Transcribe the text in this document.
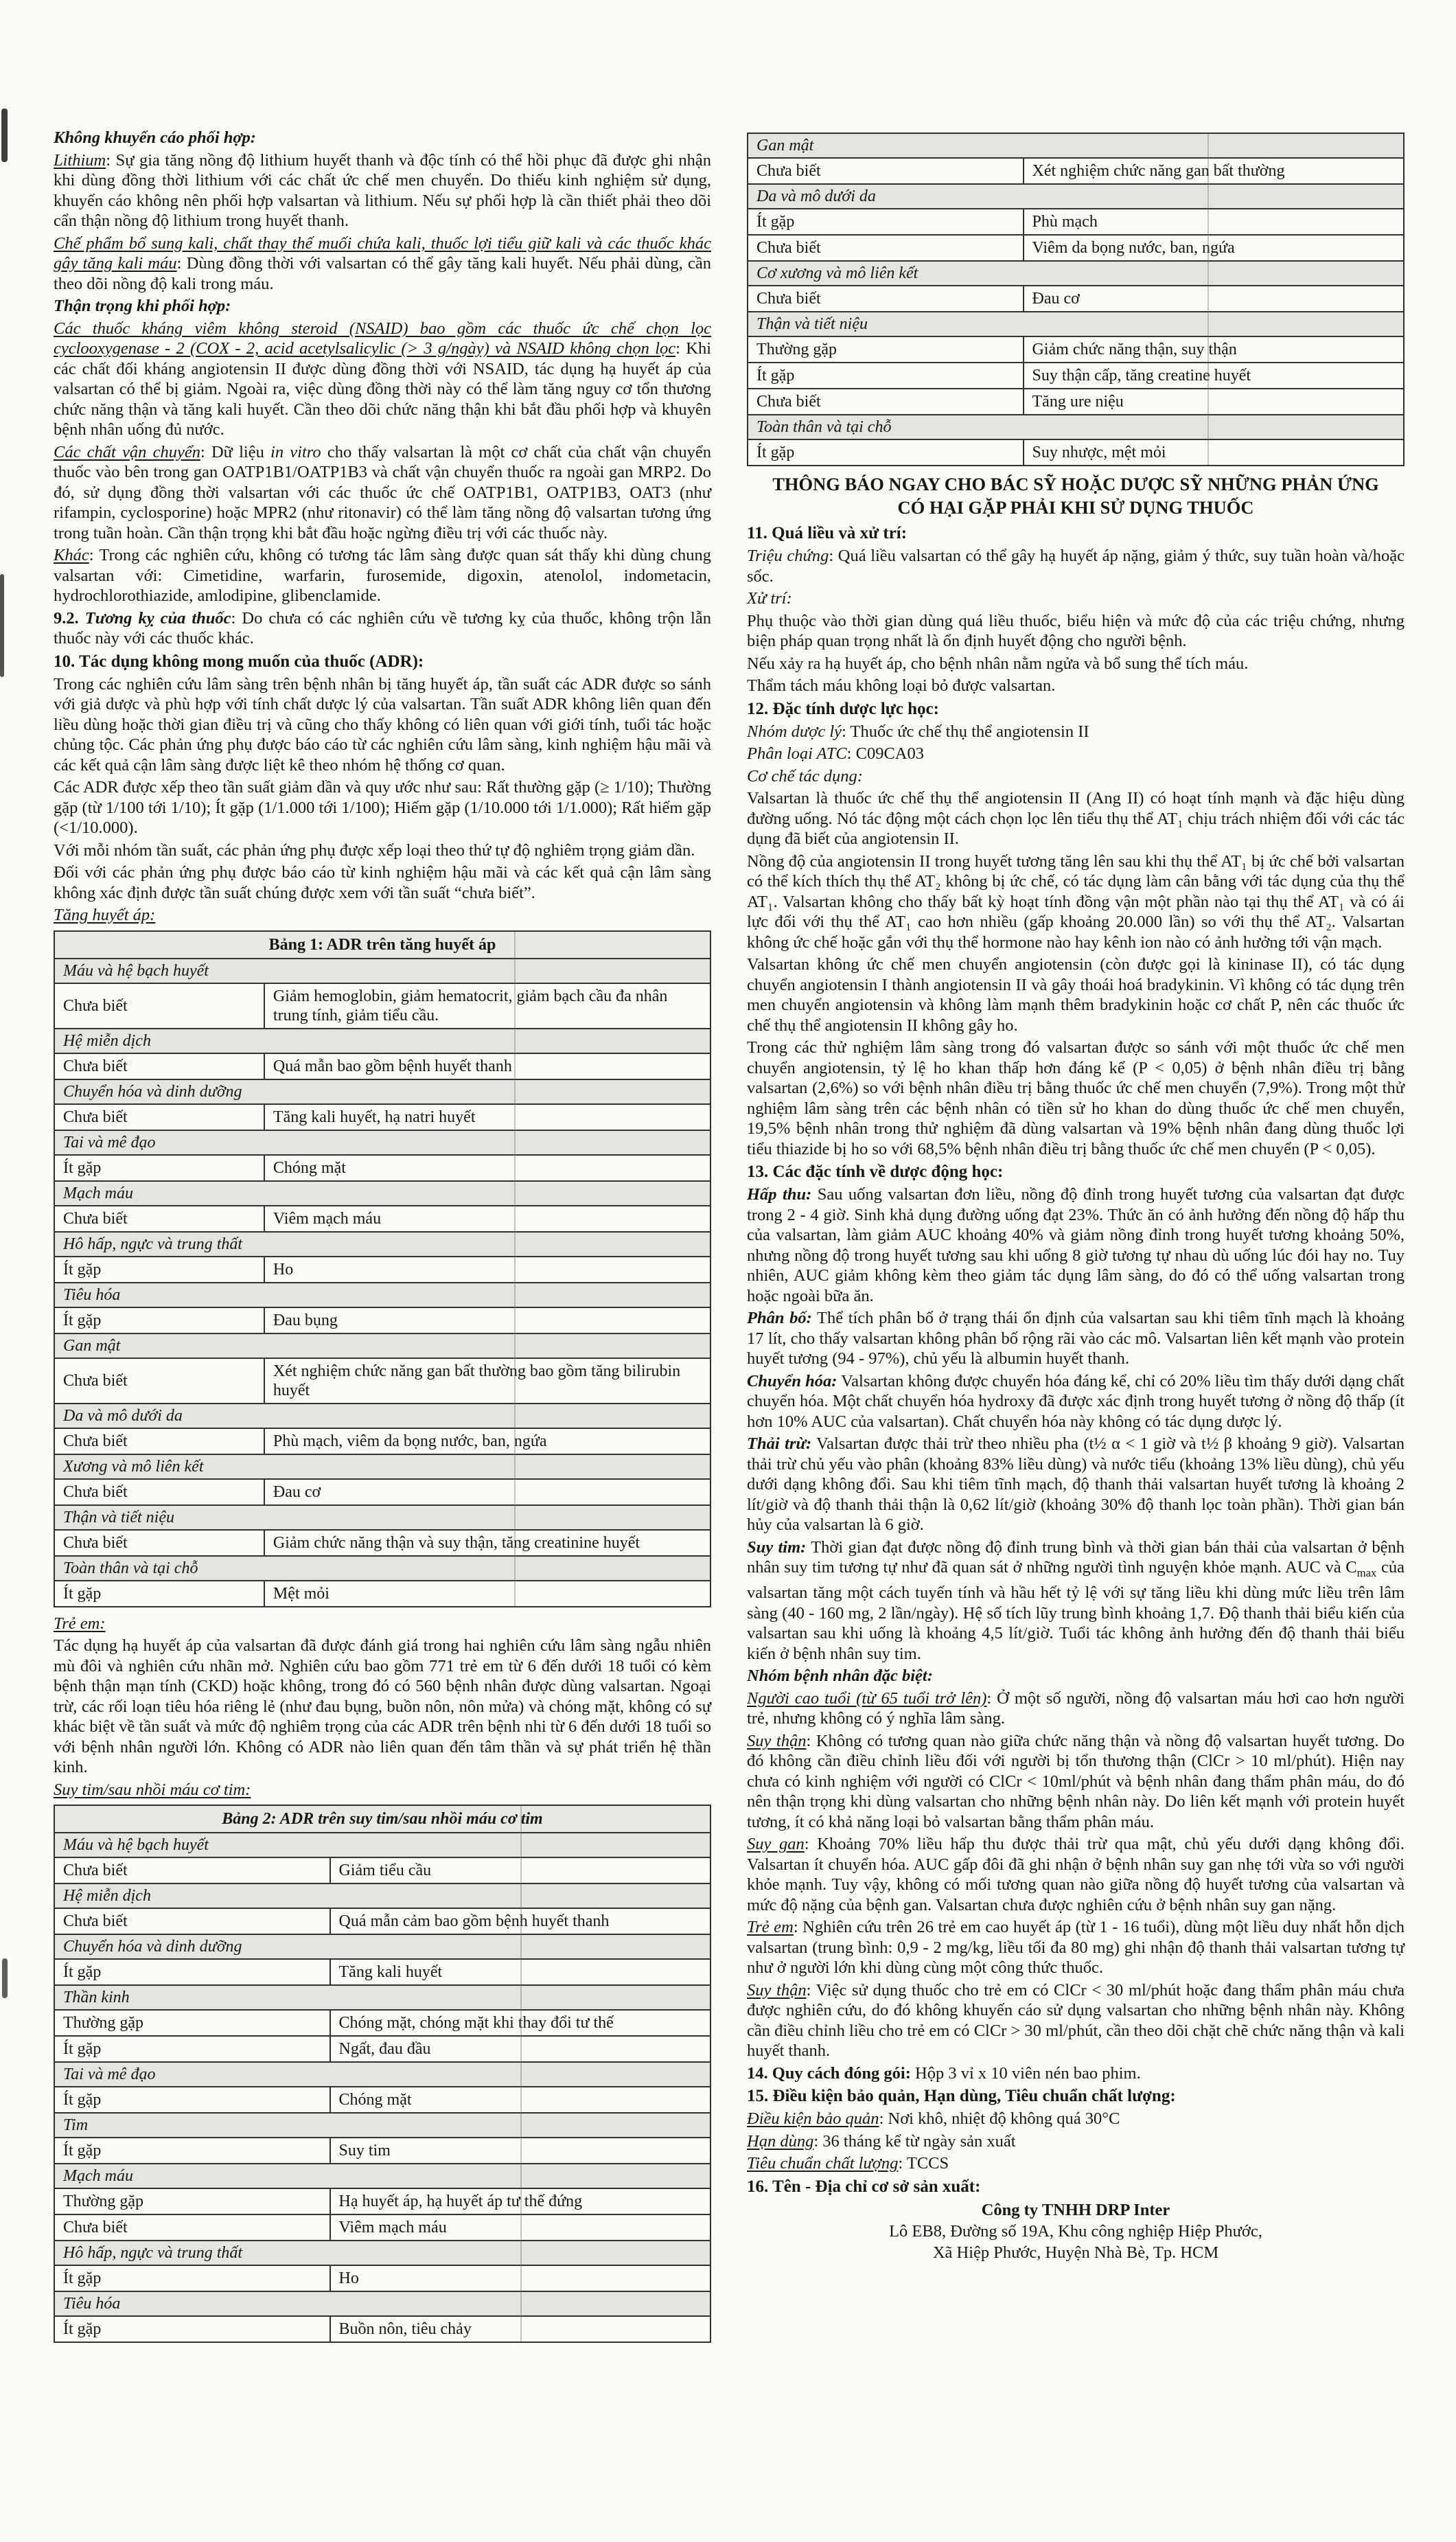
Không khuyến cáo phối hợp:
Lithium: Sự gia tăng nồng độ lithium huyết thanh và độc tính có thể hồi phục đã được ghi nhận khi dùng đồng thời lithium với các chất ức chế men chuyển. Do thiếu kinh nghiệm sử dụng, khuyến cáo không nên phối hợp valsartan và lithium. Nếu sự phối hợp là cần thiết phải theo dõi cẩn thận nồng độ lithium trong huyết thanh.
Chế phẩm bổ sung kali, chất thay thế muối chứa kali, thuốc lợi tiểu giữ kali và các thuốc khác gây tăng kali máu: Dùng đồng thời với valsartan có thể gây tăng kali huyết. Nếu phải dùng, cần theo dõi nồng độ kali trong máu.
Thận trọng khi phối hợp:
Các thuốc kháng viêm không steroid (NSAID) bao gồm các thuốc ức chế chọn lọc cyclooxygenase - 2 (COX - 2, acid acetylsalicylic (> 3 g/ngày) và NSAID không chọn lọc: Khi các chất đối kháng angiotensin II được dùng đồng thời với NSAID, tác dụng hạ huyết áp của valsartan có thể bị giảm. Ngoài ra, việc dùng đồng thời này có thể làm tăng nguy cơ tổn thương chức năng thận và tăng kali huyết. Cần theo dõi chức năng thận khi bắt đầu phối hợp và khuyên bệnh nhân uống đủ nước.
Các chất vận chuyển: Dữ liệu in vitro cho thấy valsartan là một cơ chất của chất vận chuyển thuốc vào bên trong gan OATP1B1/OATP1B3 và chất vận chuyển thuốc ra ngoài gan MRP2. Do đó, sử dụng đồng thời valsartan với các thuốc ức chế OATP1B1, OATP1B3, OAT3 (như rifampin, cyclosporine) hoặc MPR2 (như ritonavir) có thể làm tăng nồng độ valsartan tương ứng trong tuần hoàn. Cần thận trọng khi bắt đầu hoặc ngừng điều trị với các thuốc này.
Khác: Trong các nghiên cứu, không có tương tác lâm sàng được quan sát thấy khi dùng chung valsartan với: Cimetidine, warfarin, furosemide, digoxin, atenolol, indometacin, hydrochlorothiazide, amlodipine, glibenclamide.
9.2. Tương kỵ của thuốc: Do chưa có các nghiên cứu về tương kỵ của thuốc, không trộn lẫn thuốc này với các thuốc khác.
10. Tác dụng không mong muốn của thuốc (ADR):
Trong các nghiên cứu lâm sàng trên bệnh nhân bị tăng huyết áp, tần suất các ADR được so sánh với giả dược và phù hợp với tính chất dược lý của valsartan. Tần suất ADR không liên quan đến liều dùng hoặc thời gian điều trị và cũng cho thấy không có liên quan với giới tính, tuổi tác hoặc chủng tộc. Các phản ứng phụ được báo cáo từ các nghiên cứu lâm sàng, kinh nghiệm hậu mãi và các kết quả cận lâm sàng được liệt kê theo nhóm hệ thống cơ quan.
Các ADR được xếp theo tần suất giảm dần và quy ước như sau: Rất thường gặp (≥ 1/10); Thường gặp (từ 1/100 tới 1/10); Ít gặp (1/1.000 tới 1/100); Hiếm gặp (1/10.000 tới 1/1.000); Rất hiếm gặp (<1/10.000).
Với mỗi nhóm tần suất, các phản ứng phụ được xếp loại theo thứ tự độ nghiêm trọng giảm dần.
Đối với các phản ứng phụ được báo cáo từ kinh nghiệm hậu mãi và các kết quả cận lâm sàng không xác định được tần suất chúng được xem với tần suất “chưa biết”.
Tăng huyết áp:
Bảng 1: ADR trên tăng huyết áp	
Máu và hệ bạch huyết	
Chưa biết	Giảm hemoglobin, giảm hematocrit, giảm bạch cầu đa nhân trung tính, giảm tiểu cầu.
Hệ miễn dịch	
Chưa biết	Quá mẫn bao gồm bệnh huyết thanh
Chuyển hóa và dinh dưỡng	
Chưa biết	Tăng kali huyết, hạ natri huyết
Tai và mê đạo	
Ít gặp	Chóng mặt
Mạch máu	
Chưa biết	Viêm mạch máu
Hô hấp, ngực và trung thất	
Ít gặp	Ho
Tiêu hóa	
Ít gặp	Đau bụng
Gan mật	
Chưa biết	Xét nghiệm chức năng gan bất thường bao gồm tăng bilirubin huyết
Da và mô dưới da	
Chưa biết	Phù mạch, viêm da bọng nước, ban, ngứa
Xương và mô liên kết	
Chưa biết	Đau cơ
Thận và tiết niệu	
Chưa biết	Giảm chức năng thận và suy thận, tăng creatinine huyết
Toàn thân và tại chỗ	
Ít gặp	Mệt mỏi
Trẻ em:
Tác dụng hạ huyết áp của valsartan đã được đánh giá trong hai nghiên cứu lâm sàng ngẫu nhiên mù đôi và nghiên cứu nhãn mở. Nghiên cứu bao gồm 771 trẻ em từ 6 đến dưới 18 tuổi có kèm bệnh thận mạn tính (CKD) hoặc không, trong đó có 560 bệnh nhân được dùng valsartan. Ngoại trừ, các rối loạn tiêu hóa riêng lẻ (như đau bụng, buồn nôn, nôn mửa) và chóng mặt, không có sự khác biệt về tần suất và mức độ nghiêm trọng của các ADR trên bệnh nhi từ 6 đến dưới 18 tuổi so với bệnh nhân người lớn. Không có ADR nào liên quan đến tâm thần và sự phát triển hệ thần kinh.
Suy tim/sau nhồi máu cơ tim:
Bảng 2: ADR trên suy tim/sau nhồi máu cơ tim	
Máu và hệ bạch huyết	
Chưa biết	Giảm tiểu cầu
Hệ miễn dịch	
Chưa biết	Quá mẫn cảm bao gồm bệnh huyết thanh
Chuyển hóa và dinh dưỡng	
Ít gặp	Tăng kali huyết
Thần kinh	
Thường gặp	Chóng mặt, chóng mặt khi thay đổi tư thế
Ít gặp	Ngất, đau đầu
Tai và mê đạo	
Ít gặp	Chóng mặt
Tim	
Ít gặp	Suy tim
Mạch máu	
Thường gặp	Hạ huyết áp, hạ huyết áp tư thế đứng
Chưa biết	Viêm mạch máu
Hô hấp, ngực và trung thất	
Ít gặp	Ho
Tiêu hóa	
Ít gặp	Buồn nôn, tiêu chảy
Gan mật	
Chưa biết	Xét nghiệm chức năng gan bất thường
Da và mô dưới da	
Ít gặp	Phù mạch
Chưa biết	Viêm da bọng nước, ban, ngứa
Cơ xương và mô liên kết	
Chưa biết	Đau cơ
Thận và tiết niệu	
Thường gặp	Giảm chức năng thận, suy thận
Ít gặp	Suy thận cấp, tăng creatine huyết
Chưa biết	Tăng ure niệu
Toàn thân và tại chỗ	
Ít gặp	Suy nhược, mệt mỏi
THÔNG BÁO NGAY CHO BÁC SỸ HOẶC DƯỢC SỸ NHỮNG PHẢN ỨNG
CÓ HẠI GẶP PHẢI KHI SỬ DỤNG THUỐC
11. Quá liều và xử trí:
Triệu chứng: Quá liều valsartan có thể gây hạ huyết áp nặng, giảm ý thức, suy tuần hoàn và/hoặc sốc.
Xử trí:
Phụ thuộc vào thời gian dùng quá liều thuốc, biểu hiện và mức độ của các triệu chứng, nhưng biện pháp quan trọng nhất là ổn định huyết động cho người bệnh.
Nếu xảy ra hạ huyết áp, cho bệnh nhân nằm ngửa và bổ sung thể tích máu.
Thẩm tách máu không loại bỏ được valsartan.
12. Đặc tính dược lực học:
Nhóm dược lý: Thuốc ức chế thụ thể angiotensin II
Phân loại ATC: C09CA03
Cơ chế tác dụng:
Valsartan là thuốc ức chế thụ thể angiotensin II (Ang II) có hoạt tính mạnh và đặc hiệu dùng đường uống. Nó tác động một cách chọn lọc lên tiểu thụ thể AT₁ chịu trách nhiệm đối với các tác dụng đã biết của angiotensin II.
Nồng độ của angiotensin II trong huyết tương tăng lên sau khi thụ thể AT₁ bị ức chế bởi valsartan có thể kích thích thụ thể AT₂ không bị ức chế, có tác dụng làm cân bằng với tác dụng của thụ thể AT₁. Valsartan không cho thấy bất kỳ hoạt tính đồng vận một phần nào tại thụ thể AT₁ và có ái lực đối với thụ thể AT₁ cao hơn nhiều (gấp khoảng 20.000 lần) so với thụ thể AT₂. Valsartan không ức chế hoặc gắn với thụ thể hormone nào hay kênh ion nào có ảnh hưởng tới vận mạch.
Valsartan không ức chế men chuyển angiotensin (còn được gọi là kininase II), có tác dụng chuyển angiotensin I thành angiotensin II và gây thoái hoá bradykinin. Vì không có tác dụng trên men chuyển angiotensin và không làm mạnh thêm bradykinin hoặc cơ chất P, nên các thuốc ức chế thụ thể angiotensin II không gây ho.
Trong các thử nghiệm lâm sàng trong đó valsartan được so sánh với một thuốc ức chế men chuyển angiotensin, tỷ lệ ho khan thấp hơn đáng kể (P < 0,05) ở bệnh nhân điều trị bằng valsartan (2,6%) so với bệnh nhân điều trị bằng thuốc ức chế men chuyển (7,9%). Trong một thử nghiệm lâm sàng trên các bệnh nhân có tiền sử ho khan do dùng thuốc ức chế men chuyển, 19,5% bệnh nhân trong thử nghiệm đã dùng valsartan và 19% bệnh nhân đang dùng thuốc lợi tiểu thiazide bị ho so với 68,5% bệnh nhân điều trị bằng thuốc ức chế men chuyển (P < 0,05).
13. Các đặc tính về dược động học:
Hấp thu: Sau uống valsartan đơn liều, nồng độ đỉnh trong huyết tương của valsartan đạt được trong 2 - 4 giờ. Sinh khả dụng đường uống đạt 23%. Thức ăn có ảnh hưởng đến nồng độ hấp thu của valsartan, làm giảm AUC khoảng 40% và giảm nồng đỉnh trong huyết tương khoảng 50%, nhưng nồng độ trong huyết tương sau khi uống 8 giờ tương tự nhau dù uống lúc đói hay no. Tuy nhiên, AUC giảm không kèm theo giảm tác dụng lâm sàng, do đó có thể uống valsartan trong hoặc ngoài bữa ăn.
Phân bố: Thể tích phân bố ở trạng thái ổn định của valsartan sau khi tiêm tĩnh mạch là khoảng 17 lít, cho thấy valsartan không phân bố rộng rãi vào các mô. Valsartan liên kết mạnh vào protein huyết tương (94 - 97%), chủ yếu là albumin huyết thanh.
Chuyển hóa: Valsartan không được chuyển hóa đáng kể, chỉ có 20% liều tìm thấy dưới dạng chất chuyển hóa. Một chất chuyển hóa hydroxy đã được xác định trong huyết tương ở nồng độ thấp (ít hơn 10% AUC của valsartan). Chất chuyển hóa này không có tác dụng dược lý.
Thải trừ: Valsartan được thải trừ theo nhiều pha (t½ α < 1 giờ và t½ β khoảng 9 giờ). Valsartan thải trừ chủ yếu vào phân (khoảng 83% liều dùng) và nước tiểu (khoảng 13% liều dùng), chủ yếu dưới dạng không đổi. Sau khi tiêm tĩnh mạch, độ thanh thải valsartan huyết tương là khoảng 2 lít/giờ và độ thanh thải thận là 0,62 lít/giờ (khoảng 30% độ thanh lọc toàn phần). Thời gian bán hủy của valsartan là 6 giờ.
Suy tim: Thời gian đạt được nồng độ đỉnh trung bình và thời gian bán thải của valsartan ở bệnh nhân suy tim tương tự như đã quan sát ở những người tình nguyện khỏe mạnh. AUC và $C_{max}$ của valsartan tăng một cách tuyến tính và hầu hết tỷ lệ với sự tăng liều khi dùng mức liều trên lâm sàng (40 - 160 mg, 2 lần/ngày). Hệ số tích lũy trung bình khoảng 1,7. Độ thanh thải biểu kiến của valsartan sau khi uống là khoảng 4,5 lít/giờ. Tuổi tác không ảnh hưởng đến độ thanh thải biểu kiến ở bệnh nhân suy tim.
Nhóm bệnh nhân đặc biệt:
Người cao tuổi (từ 65 tuổi trở lên): Ở một số người, nồng độ valsartan máu hơi cao hơn người trẻ, nhưng không có ý nghĩa lâm sàng.
Suy thận: Không có tương quan nào giữa chức năng thận và nồng độ valsartan huyết tương. Do đó không cần điều chỉnh liều đối với người bị tổn thương thận (ClCr > 10 ml/phút). Hiện nay chưa có kinh nghiệm với người có ClCr < 10ml/phút và bệnh nhân đang thẩm phân máu, do đó nên thận trọng khi dùng valsartan cho những bệnh nhân này. Do liên kết mạnh với protein huyết tương, ít có khả năng loại bỏ valsartan bằng thẩm phân máu.
Suy gan: Khoảng 70% liều hấp thu được thải trừ qua mật, chủ yếu dưới dạng không đổi. Valsartan ít chuyển hóa. AUC gấp đôi đã ghi nhận ở bệnh nhân suy gan nhẹ tới vừa so với người khỏe mạnh. Tuy vậy, không có mối tương quan nào giữa nồng độ huyết tương của valsartan và mức độ nặng của bệnh gan. Valsartan chưa được nghiên cứu ở bệnh nhân suy gan nặng.
Trẻ em: Nghiên cứu trên 26 trẻ em cao huyết áp (từ 1 - 16 tuổi), dùng một liều duy nhất hỗn dịch valsartan (trung bình: 0,9 - 2 mg/kg, liều tối đa 80 mg) ghi nhận độ thanh thải valsartan tương tự như ở người lớn khi dùng cùng một công thức thuốc.
Suy thận: Việc sử dụng thuốc cho trẻ em có ClCr < 30 ml/phút hoặc đang thẩm phân máu chưa được nghiên cứu, do đó không khuyến cáo sử dụng valsartan cho những bệnh nhân này. Không cần điều chỉnh liều cho trẻ em có ClCr > 30 ml/phút, cần theo dõi chặt chẽ chức năng thận và kali huyết thanh.
14. Quy cách đóng gói: Hộp 3 vỉ x 10 viên nén bao phim.
15. Điều kiện bảo quản, Hạn dùng, Tiêu chuẩn chất lượng:
Điều kiện bảo quản: Nơi khô, nhiệt độ không quá 30°C
Hạn dùng: 36 tháng kể từ ngày sản xuất
Tiêu chuẩn chất lượng: TCCS
16. Tên - Địa chỉ cơ sở sản xuất:
Công ty TNHH DRP Inter
Lô EB8, Đường số 19A, Khu công nghiệp Hiệp Phước,
Xã Hiệp Phước, Huyện Nhà Bè, Tp. HCM
